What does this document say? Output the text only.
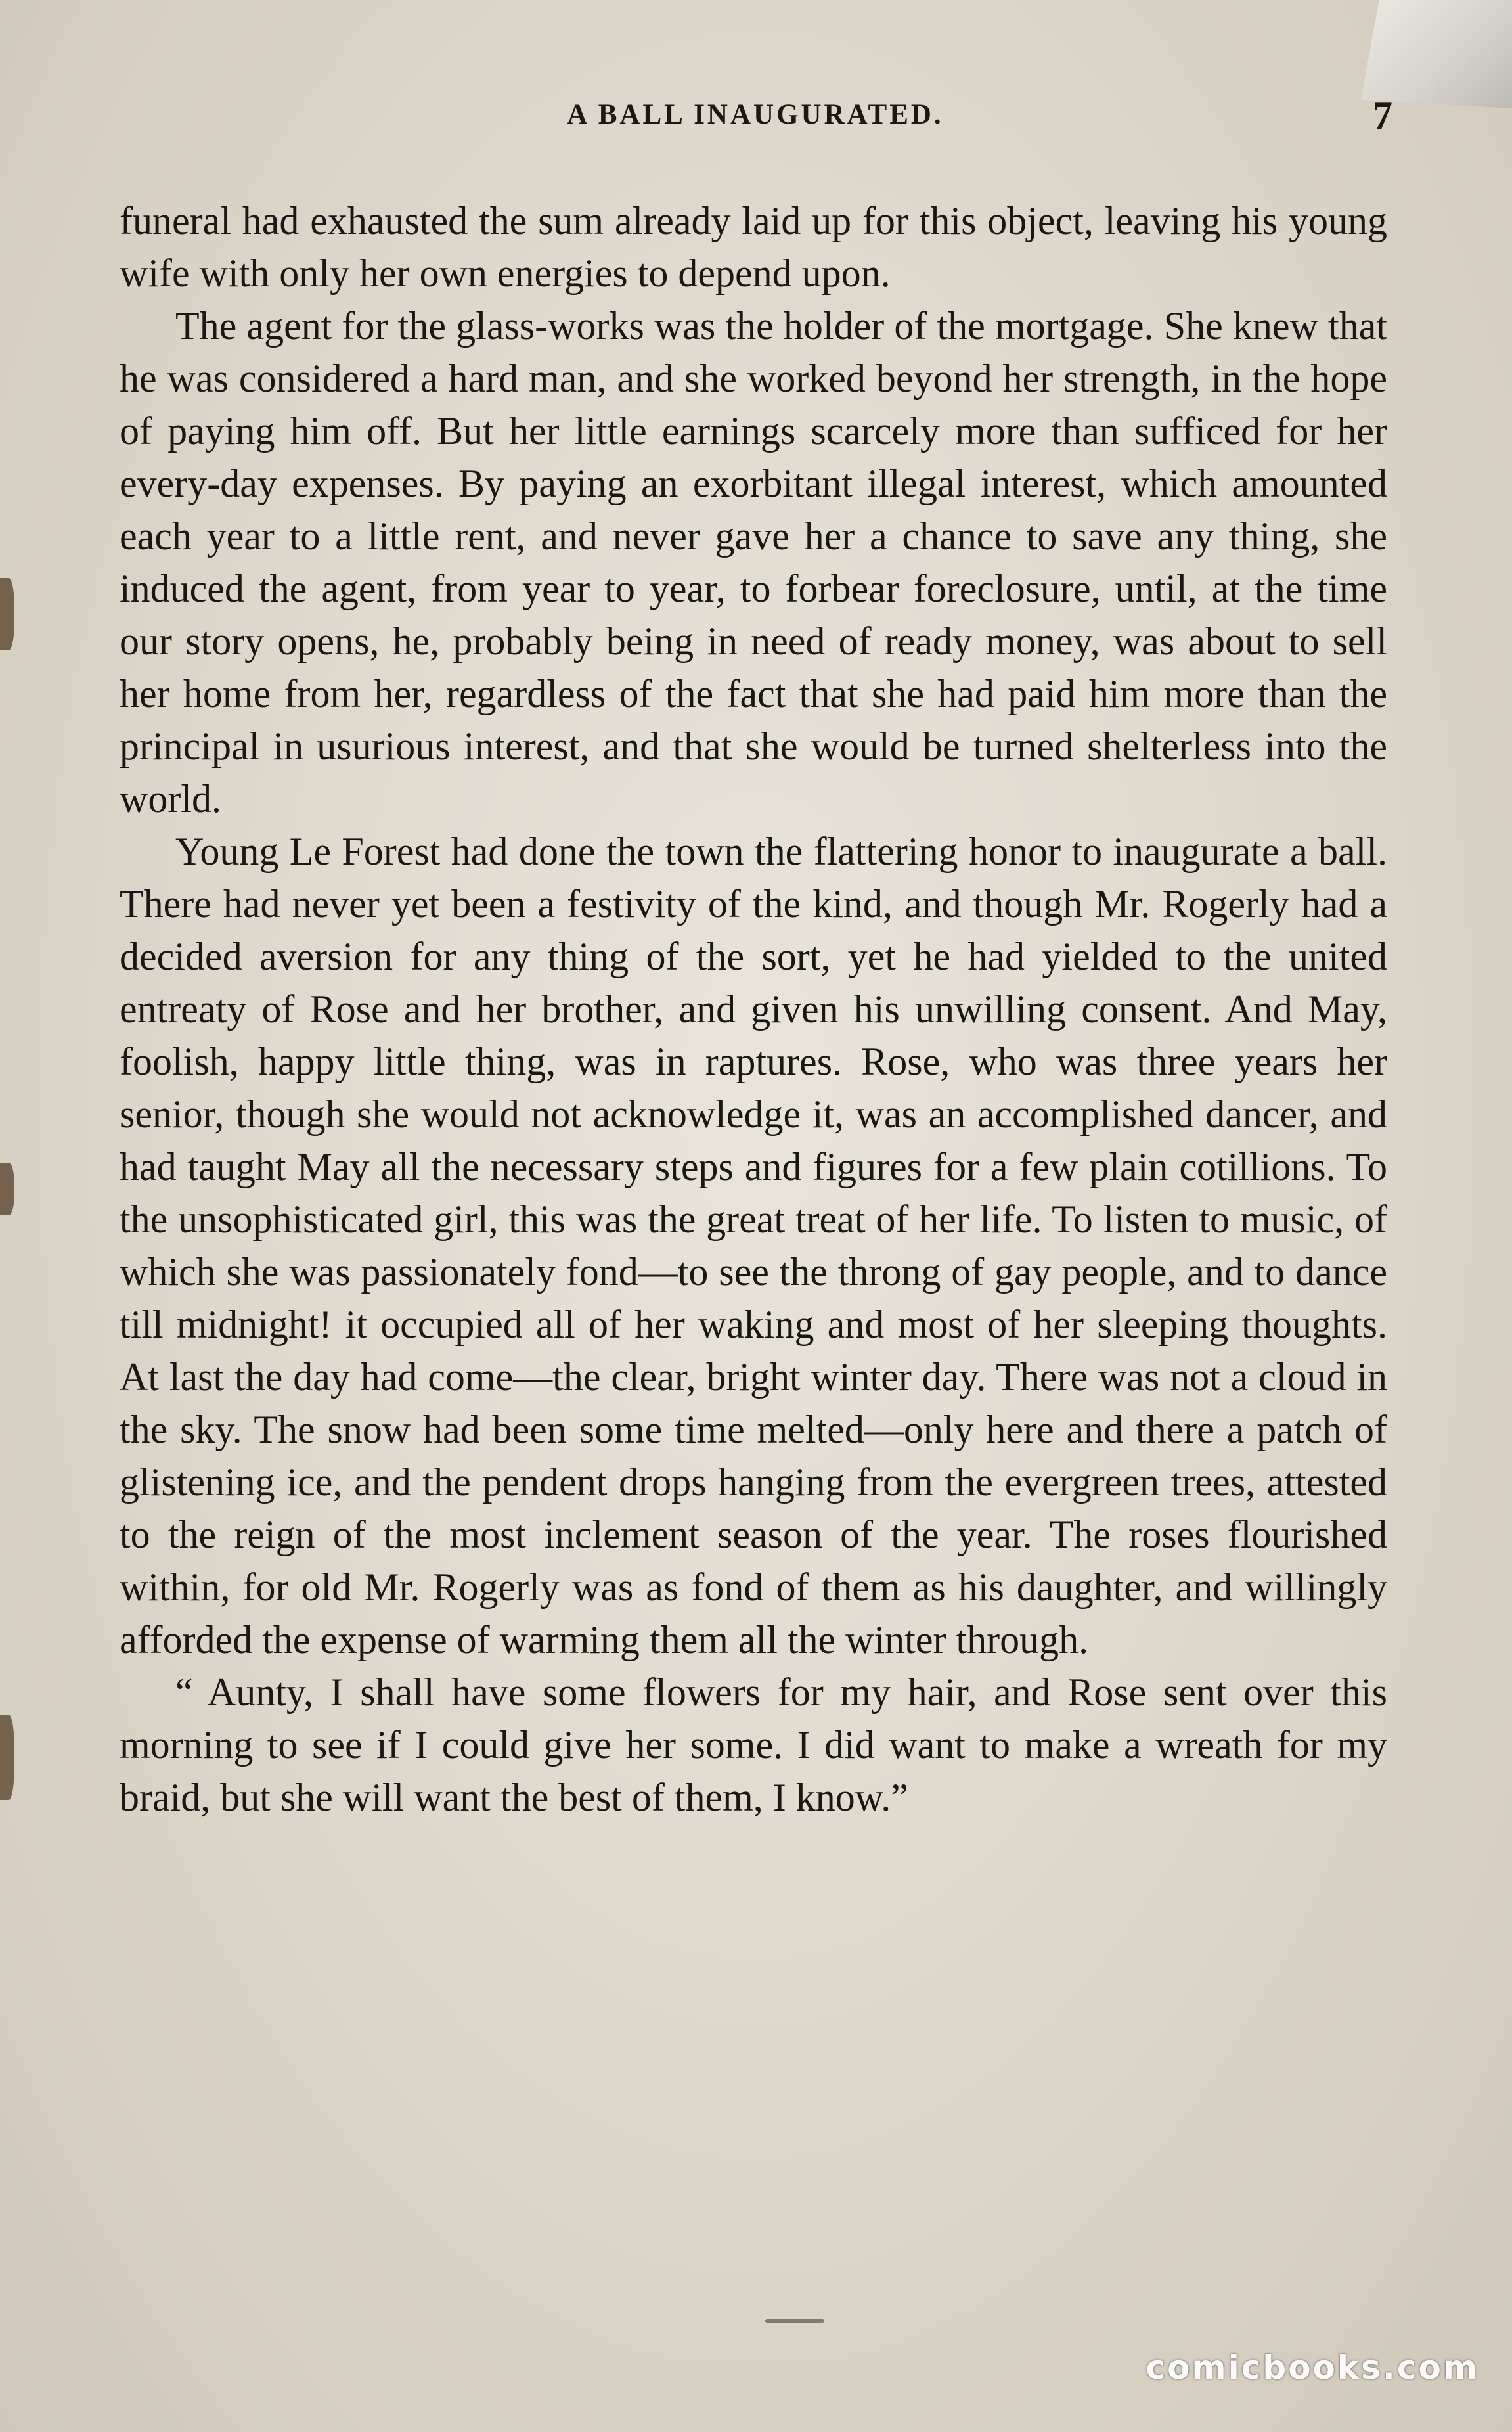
A BALL INAUGURATED.	7

funeral had exhausted the sum already laid up for this object, leaving his young wife with only her own energies to depend upon.

The agent for the glass-works was the holder of the mortgage. She knew that he was considered a hard man, and she worked beyond her strength, in the hope of paying him off. But her little earnings scarcely more than sufficed for her every-day expenses. By paying an exorbitant illegal interest, which amounted each year to a little rent, and never gave her a chance to save any thing, she induced the agent, from year to year, to forbear foreclosure, until, at the time our story opens, he, probably being in need of ready money, was about to sell her home from her, regardless of the fact that she had paid him more than the principal in usurious interest, and that she would be turned shelterless into the world.

Young Le Forest had done the town the flattering honor to inaugurate a ball. There had never yet been a festivity of the kind, and though Mr. Rogerly had a decided aversion for any thing of the sort, yet he had yielded to the united entreaty of Rose and her brother, and given his unwilling consent. And May, foolish, happy little thing, was in raptures. Rose, who was three years her senior, though she would not acknowledge it, was an accomplished dancer, and had taught May all the necessary steps and figures for a few plain cotillions. To the unsophisticated girl, this was the great treat of her life. To listen to music, of which she was passionately fond—to see the throng of gay people, and to dance till midnight! it occupied all of her waking and most of her sleeping thoughts. At last the day had come—the clear, bright winter day. There was not a cloud in the sky. The snow had been some time melted—only here and there a patch of glistening ice, and the pendent drops hanging from the evergreen trees, attested to the reign of the most inclement season of the year. The roses flourished within, for old Mr. Rogerly was as fond of them as his daughter, and willingly afforded the expense of warming them all the winter through.

“ Aunty, I shall have some flowers for my hair, and Rose sent over this morning to see if I could give her some. I did want to make a wreath for my braid, but she will want the best of them, I know.”

comicbooks.com
